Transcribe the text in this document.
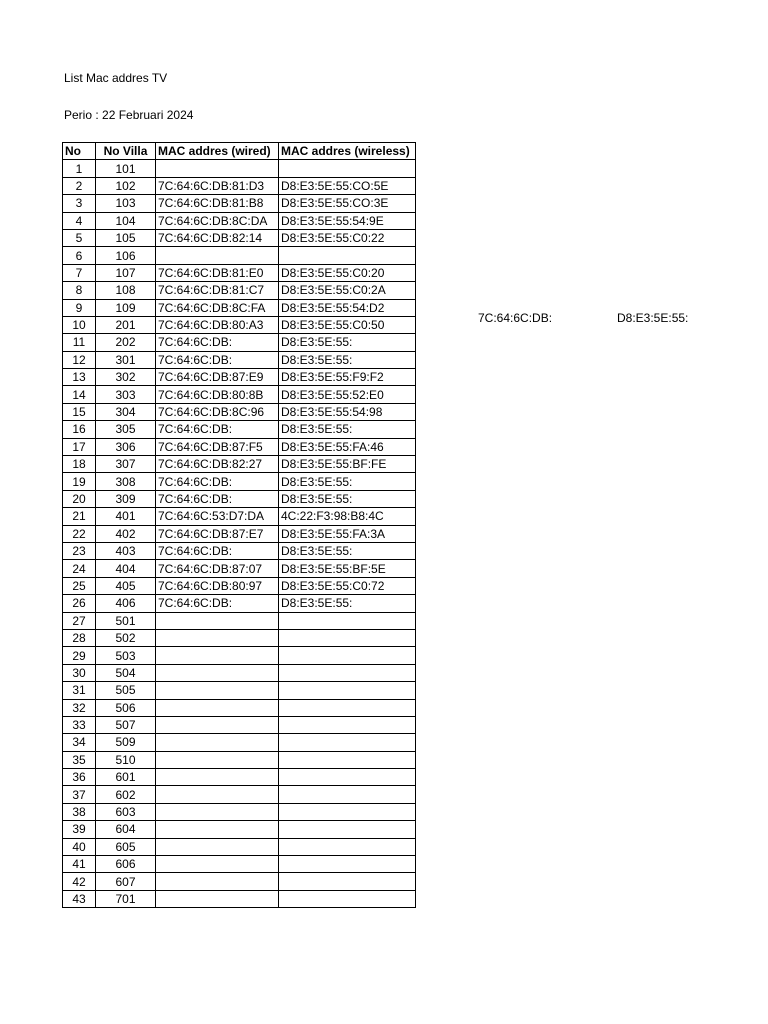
List Mac addres TV
Perio : 22 Februari 2024
No	No Villa	MAC addres (wired)	MAC addres (wireless)
1	101		
2	102	7C:64:6C:DB:81:D3	D8:E3:5E:55:CO:5E
3	103	7C:64:6C:DB:81:B8	D8:E3:5E:55:CO:3E
4	104	7C:64:6C:DB:8C:DA	D8:E3:5E:55:54:9E
5	105	7C:64:6C:DB:82:14	D8:E3:5E:55:C0:22
6	106		
7	107	7C:64:6C:DB:81:E0	D8:E3:5E:55:C0:20
8	108	7C:64:6C:DB:81:C7	D8:E3:5E:55:C0:2A
9	109	7C:64:6C:DB:8C:FA	D8:E3:5E:55:54:D2
10	201	7C:64:6C:DB:80:A3	D8:E3:5E:55:C0:50
11	202	7C:64:6C:DB:	D8:E3:5E:55:
12	301	7C:64:6C:DB:	D8:E3:5E:55:
13	302	7C:64:6C:DB:87:E9	D8:E3:5E:55:F9:F2
14	303	7C:64:6C:DB:80:8B	D8:E3:5E:55:52:E0
15	304	7C:64:6C:DB:8C:96	D8:E3:5E:55:54:98
16	305	7C:64:6C:DB:	D8:E3:5E:55:
17	306	7C:64:6C:DB:87:F5	D8:E3:5E:55:FA:46
18	307	7C:64:6C:DB:82:27	D8:E3:5E:55:BF:FE
19	308	7C:64:6C:DB:	D8:E3:5E:55:
20	309	7C:64:6C:DB:	D8:E3:5E:55:
21	401	7C:64:6C:53:D7:DA	4C:22:F3:98:B8:4C
22	402	7C:64:6C:DB:87:E7	D8:E3:5E:55:FA:3A
23	403	7C:64:6C:DB:	D8:E3:5E:55:
24	404	7C:64:6C:DB:87:07	D8:E3:5E:55:BF:5E
25	405	7C:64:6C:DB:80:97	D8:E3:5E:55:C0:72
26	406	7C:64:6C:DB:	D8:E3:5E:55:
27	501		
28	502		
29	503		
30	504		
31	505		
32	506		
33	507		
34	509		
35	510		
36	601		
37	602		
38	603		
39	604		
40	605		
41	606		
42	607		
43	701		
7C:64:6C:DB:	D8:E3:5E:55:
